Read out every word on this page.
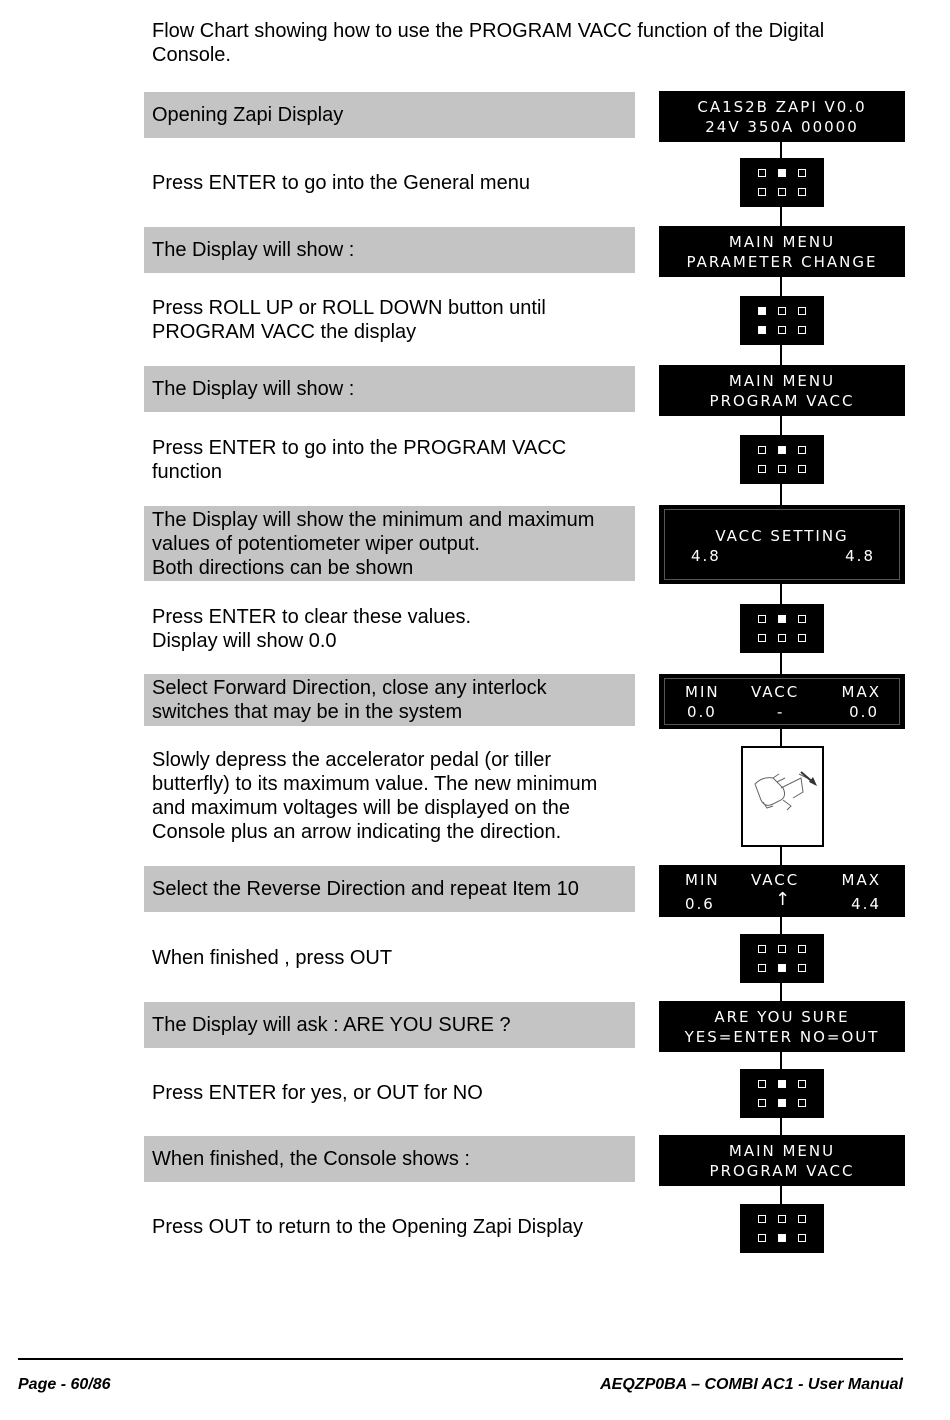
Flow Chart showing how to use the PROGRAM VACC function of the Digital Console.
Opening Zapi Display
Press ENTER to go into the General menu
The Display will show :
Press ROLL UP or ROLL DOWN button until
PROGRAM VACC the display
The Display will show :
Press ENTER to go into the PROGRAM VACC
function
The Display will show the minimum and maximum
values of potentiometer wiper output.
Both directions can be shown
Press ENTER to clear these values.
Display will show 0.0
Select Forward Direction, close any interlock
switches that may be in the system
Slowly depress the accelerator pedal (or tiller
butterfly) to its maximum value. The new minimum
and maximum voltages will be displayed on the
Console plus an arrow indicating the direction.
Select the Reverse Direction and repeat Item 10
When finished , press OUT
The Display will ask : ARE YOU SURE ?
Press ENTER for yes, or OUT for NO
When finished, the Console shows :
Press OUT to return to the Opening Zapi Display
CA1S2B ZAPI V0.0
24V 350A 00000
MAIN MENU
PARAMETER CHANGE
MAIN MENU
PROGRAM VACC
VACC SETTING
4.8	4.8
MIN VACC	MAX
0.0	-	0.0
MIN VACC	MAX
0.6	↑	4.4
ARE YOU SURE
YES=ENTER NO=OUT
MAIN MENU
PROGRAM VACC
Page - 60/86	AEQZP0BA – COMBI AC1 - User Manual
